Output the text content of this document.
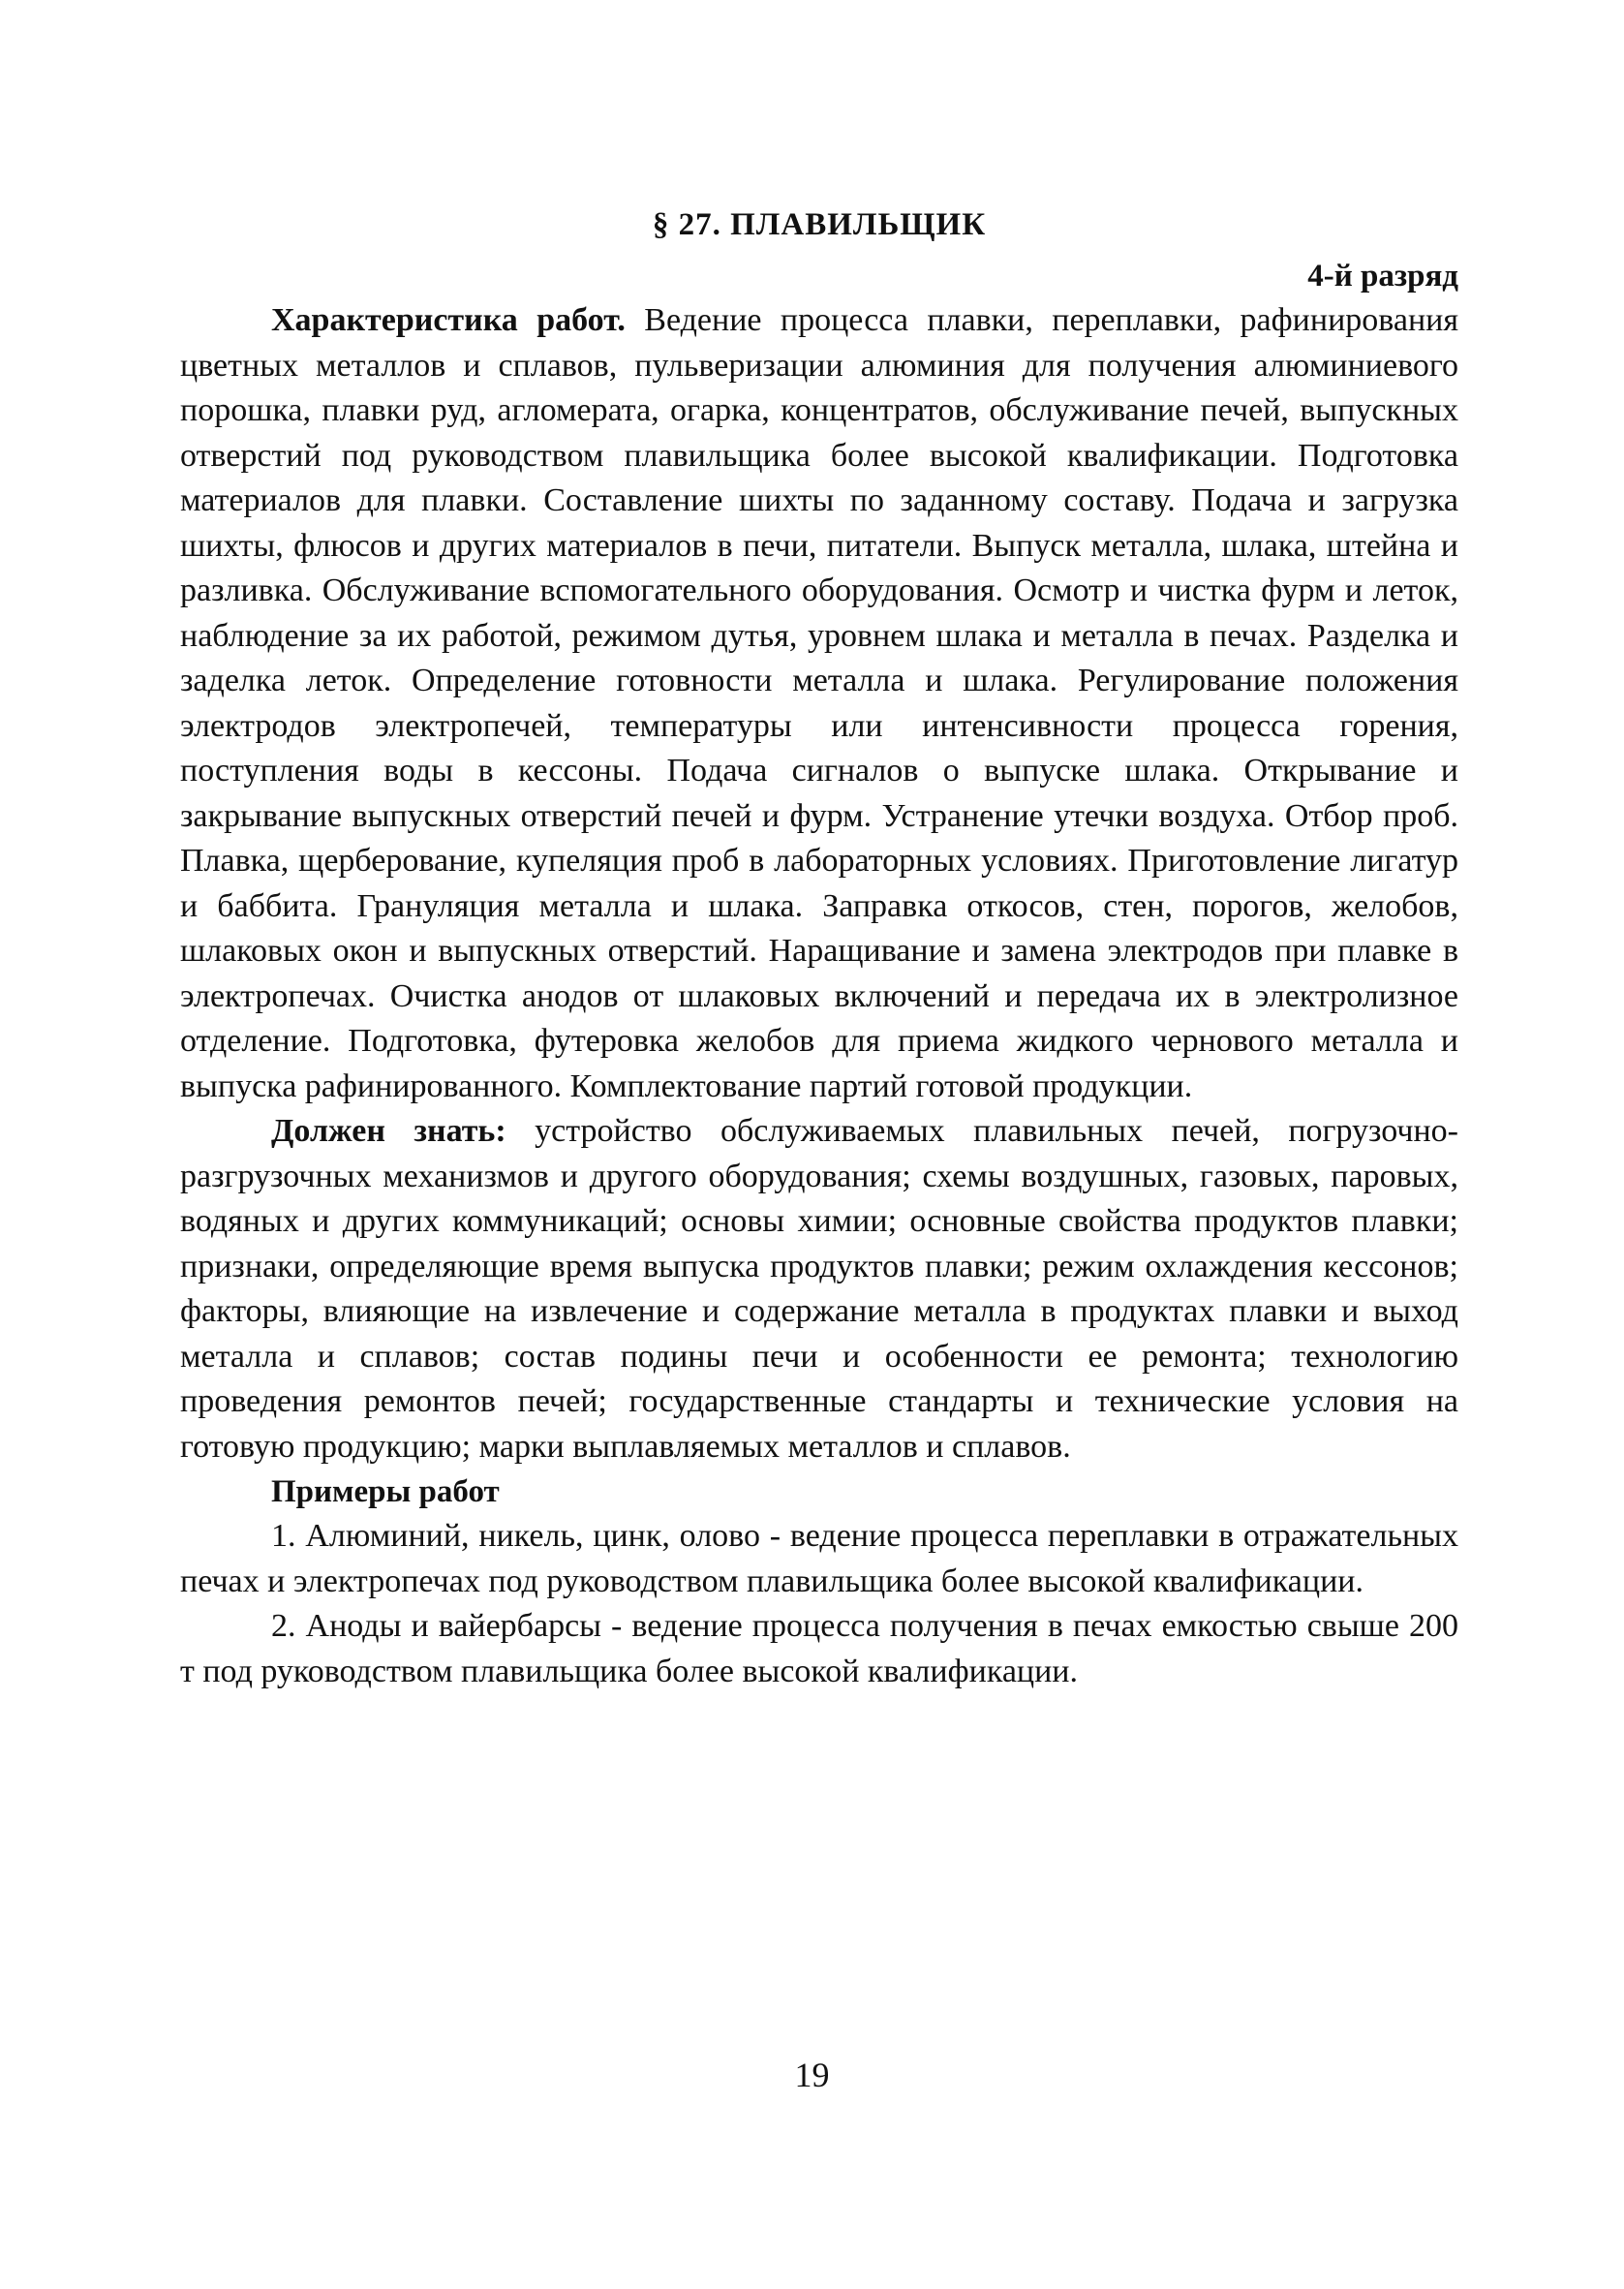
§ 27. ПЛАВИЛЬЩИК

4-й разряд

Характеристика работ. Ведение процесса плавки, переплавки, рафинирования цветных металлов и сплавов, пульверизации алюминия для получения алюминиевого порошка, плавки руд, агломерата, огарка, концентратов, обслуживание печей, выпускных отверстий под руководством плавильщика более высокой квалификации. Подготовка материалов для плавки. Составление шихты по заданному составу. Подача и загрузка шихты, флюсов и других материалов в печи, питатели. Выпуск металла, шлака, штейна и разливка. Обслуживание вспомогательного оборудования. Осмотр и чистка фурм и леток, наблюдение за их работой, режимом дутья, уровнем шлака и металла в печах. Разделка и заделка леток. Определение готовности металла и шлака. Регулирование положения электродов электропечей, температуры или интенсивности процесса горения, поступления воды в кессоны. Подача сигналов о выпуске шлака. Открывание и закрывание выпускных отверстий печей и фурм. Устранение утечки воздуха. Отбор проб. Плавка, щерберование, купеляция проб в лабораторных условиях. Приготовление лигатур и баббита. Грануляция металла и шлака. Заправка откосов, стен, порогов, желобов, шлаковых окон и выпускных отверстий. Наращивание и замена электродов при плавке в электропечах. Очистка анодов от шлаковых включений и передача их в электролизное отделение. Подготовка, футеровка желобов для приема жидкого чернового металла и выпуска рафинированного. Комплектование партий готовой продукции.

Должен знать: устройство обслуживаемых плавильных печей, погрузочно-разгрузочных механизмов и другого оборудования; схемы воздушных, газовых, паровых, водяных и других коммуникаций; основы химии; основные свойства продуктов плавки; признаки, определяющие время выпуска продуктов плавки; режим охлаждения кессонов; факторы, влияющие на извлечение и содержание металла в продуктах плавки и выход металла и сплавов; состав подины печи и особенности ее ремонта; технологию проведения ремонтов печей; государственные стандарты и технические условия на готовую продукцию; марки выплавляемых металлов и сплавов.

Примеры работ

1. Алюминий, никель, цинк, олово - ведение процесса переплавки в отражательных печах и электропечах под руководством плавильщика более высокой квалификации.

2. Аноды и вайербарсы - ведение процесса получения в печах емкостью свыше 200 т под руководством плавильщика более высокой квалификации.

19
